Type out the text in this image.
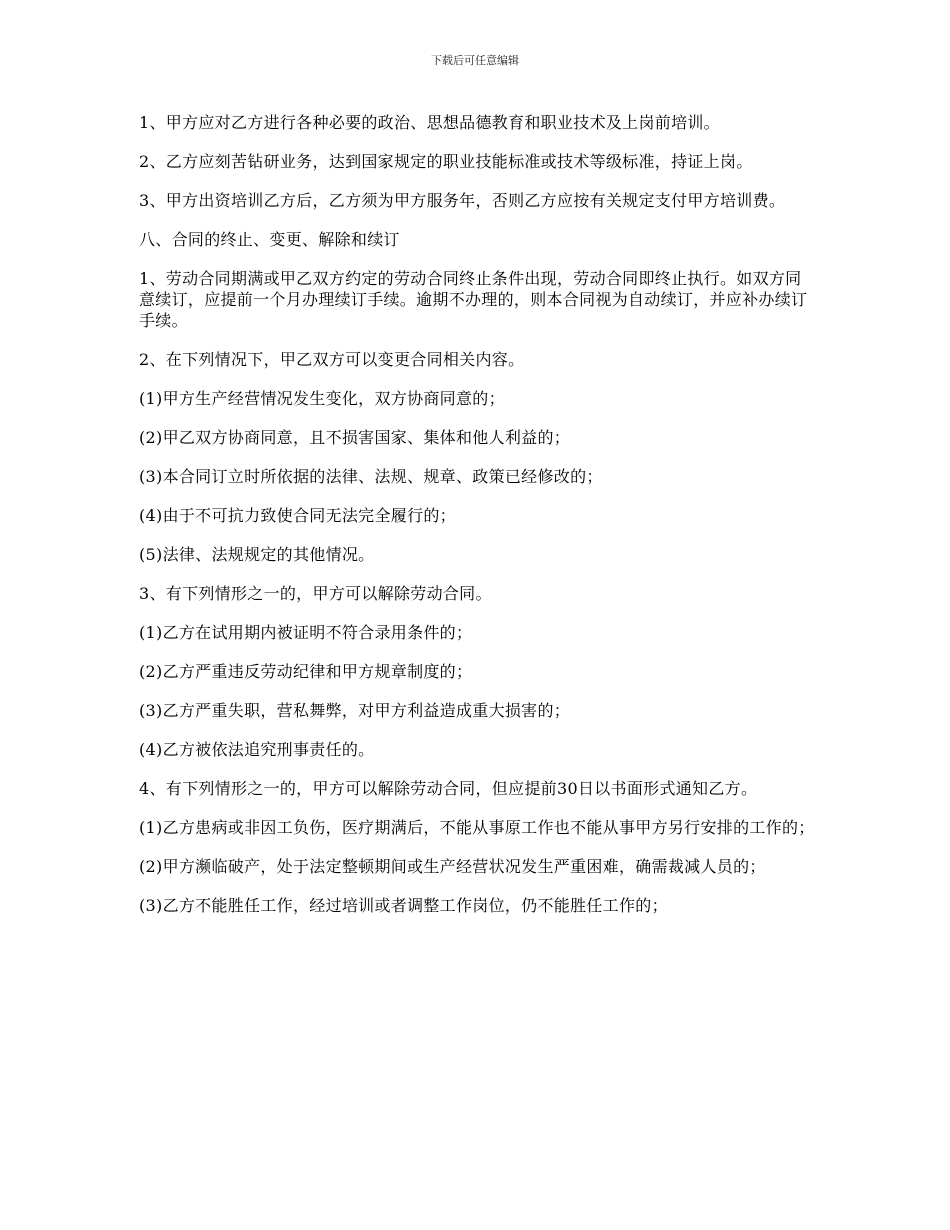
下载后可任意编辑

1、甲方应对乙方进行各种必要的政治、思想品德教育和职业技术及上岗前培训。

2、乙方应刻苦钻研业务，达到国家规定的职业技能标准或技术等级标准，持证上岗。

3、甲方出资培训乙方后，乙方须为甲方服务年，否则乙方应按有关规定支付甲方培训费。

八、合同的终止、变更、解除和续订

1、劳动合同期满或甲乙双方约定的劳动合同终止条件出现，劳动合同即终止执行。如双方同意续订，应提前一个月办理续订手续。逾期不办理的，则本合同视为自动续订，并应补办续订手续。

2、在下列情况下，甲乙双方可以变更合同相关内容。

(1)甲方生产经营情况发生变化，双方协商同意的；

(2)甲乙双方协商同意，且不损害国家、集体和他人利益的；

(3)本合同订立时所依据的法律、法规、规章、政策已经修改的；

(4)由于不可抗力致使合同无法完全履行的；

(5)法律、法规规定的其他情况。

3、有下列情形之一的，甲方可以解除劳动合同。

(1)乙方在试用期内被证明不符合录用条件的；

(2)乙方严重违反劳动纪律和甲方规章制度的；

(3)乙方严重失职，营私舞弊，对甲方利益造成重大损害的；

(4)乙方被依法追究刑事责任的。

4、有下列情形之一的，甲方可以解除劳动合同，但应提前30日以书面形式通知乙方。

(1)乙方患病或非因工负伤，医疗期满后，不能从事原工作也不能从事甲方另行安排的工作的；

(2)甲方濒临破产，处于法定整顿期间或生产经营状况发生严重困难，确需裁减人员的；

(3)乙方不能胜任工作，经过培训或者调整工作岗位，仍不能胜任工作的；
